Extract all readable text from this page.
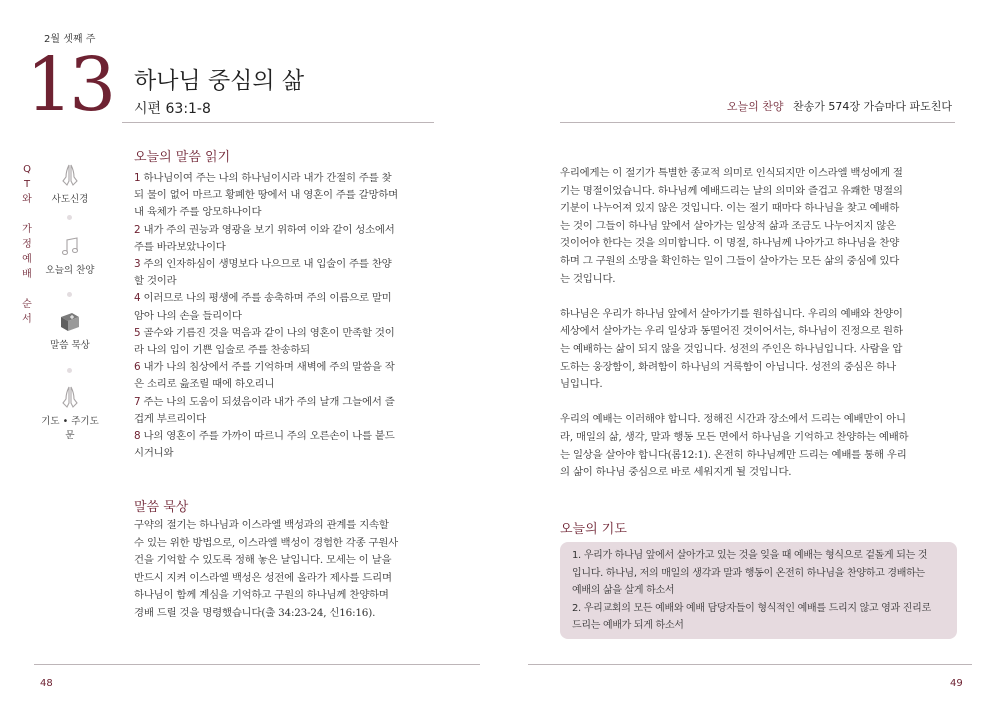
2월 셋째 주
13 하나님 중심의 삶
시편 63:1-8	오늘의 찬양 찬송가 574장 가슴마다 파도친다
Q
T
와

가
정
예
배

순
서
사도신경
오늘의 찬양
말씀 묵상
기도 • 주기도문
오늘의 말씀 읽기
1 하나님이여 주는 나의 하나님이시라 내가 간절히 주를 찾
되 물이 없어 마르고 황폐한 땅에서 내 영혼이 주를 갈망하며
내 육체가 주를 앙모하나이다
2 내가 주의 권능과 영광을 보기 위하여 이와 같이 성소에서
주를 바라보았나이다
3 주의 인자하심이 생명보다 나으므로 내 입술이 주를 찬양
할 것이라
4 이러므로 나의 평생에 주를 송축하며 주의 이름으로 말미
암아 나의 손을 들리이다
5 골수와 기름진 것을 먹음과 같이 나의 영혼이 만족할 것이
라 나의 입이 기쁜 입술로 주를 찬송하되
6 내가 나의 침상에서 주를 기억하며 새벽에 주의 말씀을 작
은 소리로 읊조릴 때에 하오리니
7 주는 나의 도움이 되셨음이라 내가 주의 날개 그늘에서 즐
겁게 부르리이다
8 나의 영혼이 주를 가까이 따르니 주의 오른손이 나를 붙드
시거니와
말씀 묵상
구약의 절기는 하나님과 이스라엘 백성과의 관계를 지속할
수 있는 위한 방법으로, 이스라엘 백성이 경험한 각종 구원사
건을 기억할 수 있도록 정해 놓은 날입니다. 모세는 이 날을
반드시 지켜 이스라엘 백성은 성전에 올라가 제사를 드리며
하나님이 함께 계심을 기억하고 구원의 하나님께 찬양하며
경배 드릴 것을 명령했습니다(출 34:23-24, 신16:16).
우리에게는 이 절기가 특별한 종교적 의미로 인식되지만 이스라엘 백성에게 절
기는 명절이었습니다. 하나님께 예배드리는 날의 의미와 즐겁고 유쾌한 명절의
기분이 나누어져 있지 않은 것입니다. 이는 절기 때마다 하나님을 찾고 예배하
는 것이 그들이 하나님 앞에서 살아가는 일상적 삶과 조금도 나누어지지 않은
것이어야 한다는 것을 의미합니다. 이 명절, 하나님께 나아가고 하나님을 찬양
하며 그 구원의 소망을 확인하는 일이 그들이 살아가는 모든 삶의 중심에 있다
는 것입니다.
하나님은 우리가 하나님 앞에서 살아가기를 원하십니다. 우리의 예배와 찬양이
세상에서 살아가는 우리 일상과 동떨어진 것이어서는, 하나님이 진정으로 원하
는 예배하는 삶이 되지 않을 것입니다. 성전의 주인은 하나님입니다. 사람을 압
도하는 웅장함이, 화려함이 하나님의 거룩함이 아닙니다. 성전의 중심은 하나
님입니다.
우리의 예배는 이러해야 합니다. 정해진 시간과 장소에서 드리는 예배만이 아니
라, 매일의 삶, 생각, 말과 행동 모든 면에서 하나님을 기억하고 찬양하는 예배하
는 일상을 살아야 합니다(롬12:1). 온전히 하나님께만 드리는 예배를 통해 우리
의 삶이 하나님 중심으로 바로 세워지게 될 것입니다.
오늘의 기도
1. 우리가 하나님 앞에서 살아가고 있는 것을 잊을 때 예배는 형식으로 겉돌게 되는 것
입니다. 하나님, 저의 매일의 생각과 말과 행동이 온전히 하나님을 찬양하고 경배하는
예배의 삶을 살게 하소서
2. 우리교회의 모든 예배와 예배 담당자들이 형식적인 예배를 드리지 않고 영과 진리로
드리는 예배가 되게 하소서
48	49
